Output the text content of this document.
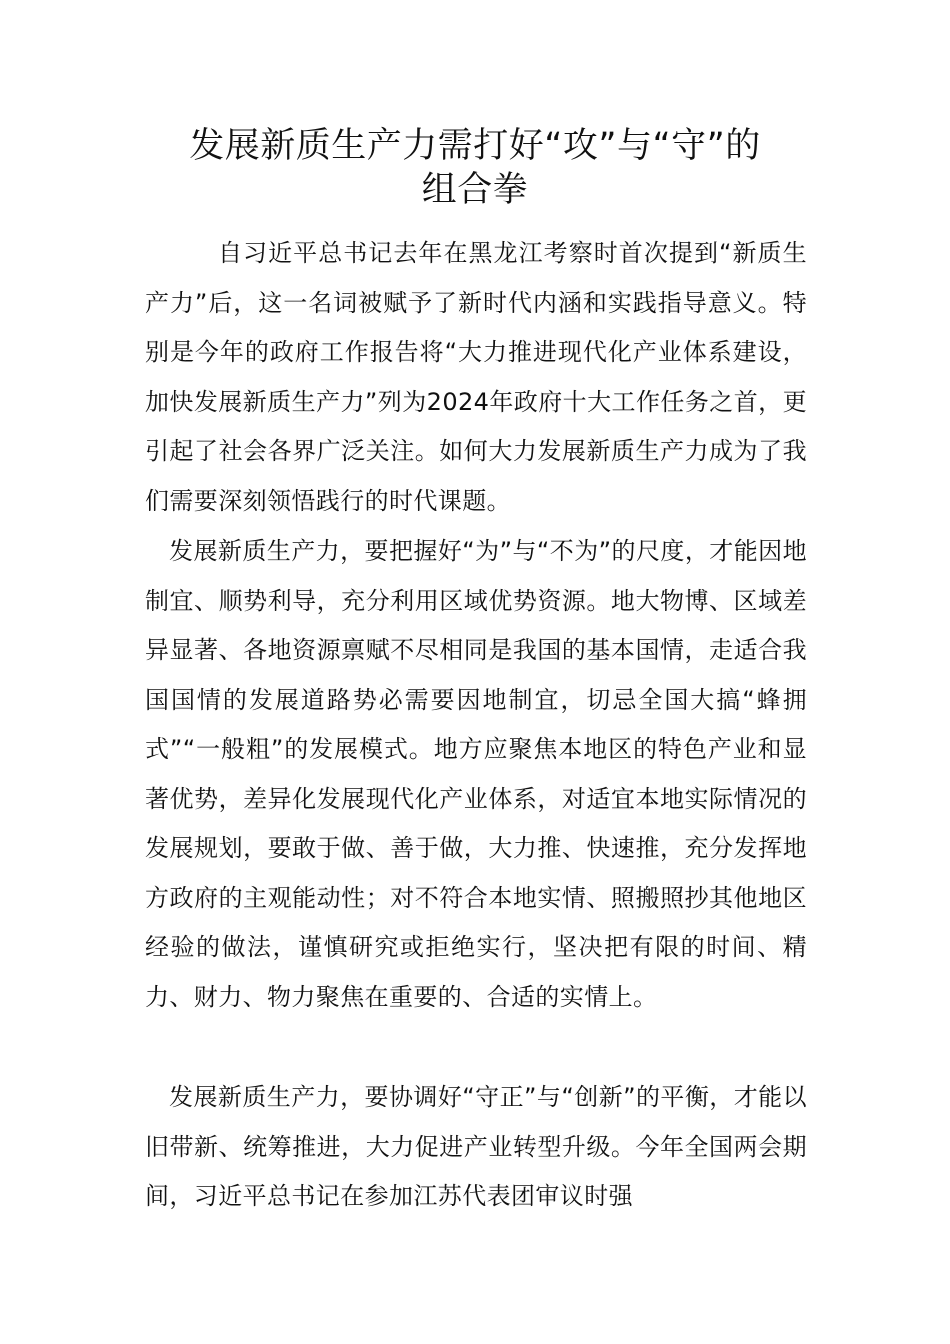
发展新质生产力需打好“攻”与“守”的
组合拳

自习近平总书记去年在黑龙江考察时首次提到“新质生产力”后，这一名词被赋予了新时代内涵和实践指导意义。特别是今年的政府工作报告将“大力推进现代化产业体系建设，加快发展新质生产力”列为2024年政府十大工作任务之首，更引起了社会各界广泛关注。如何大力发展新质生产力成为了我们需要深刻领悟践行的时代课题。

发展新质生产力，要把握好“为”与“不为”的尺度，才能因地制宜、顺势利导，充分利用区域优势资源。地大物博、区域差异显著、各地资源禀赋不尽相同是我国的基本国情，走适合我国国情的发展道路势必需要因地制宜，切忌全国大搞“蜂拥式”“一般粗”的发展模式。地方应聚焦本地区的特色产业和显著优势，差异化发展现代化产业体系，对适宜本地实际情况的发展规划，要敢于做、善于做，大力推、快速推，充分发挥地方政府的主观能动性；对不符合本地实情、照搬照抄其他地区经验的做法，谨慎研究或拒绝实行，坚决把有限的时间、精力、财力、物力聚焦在重要的、合适的实情上。

发展新质生产力，要协调好“守正”与“创新”的平衡，才能以旧带新、统筹推进，大力促进产业转型升级。今年全国两会期间，习近平总书记在参加江苏代表团审议时强
